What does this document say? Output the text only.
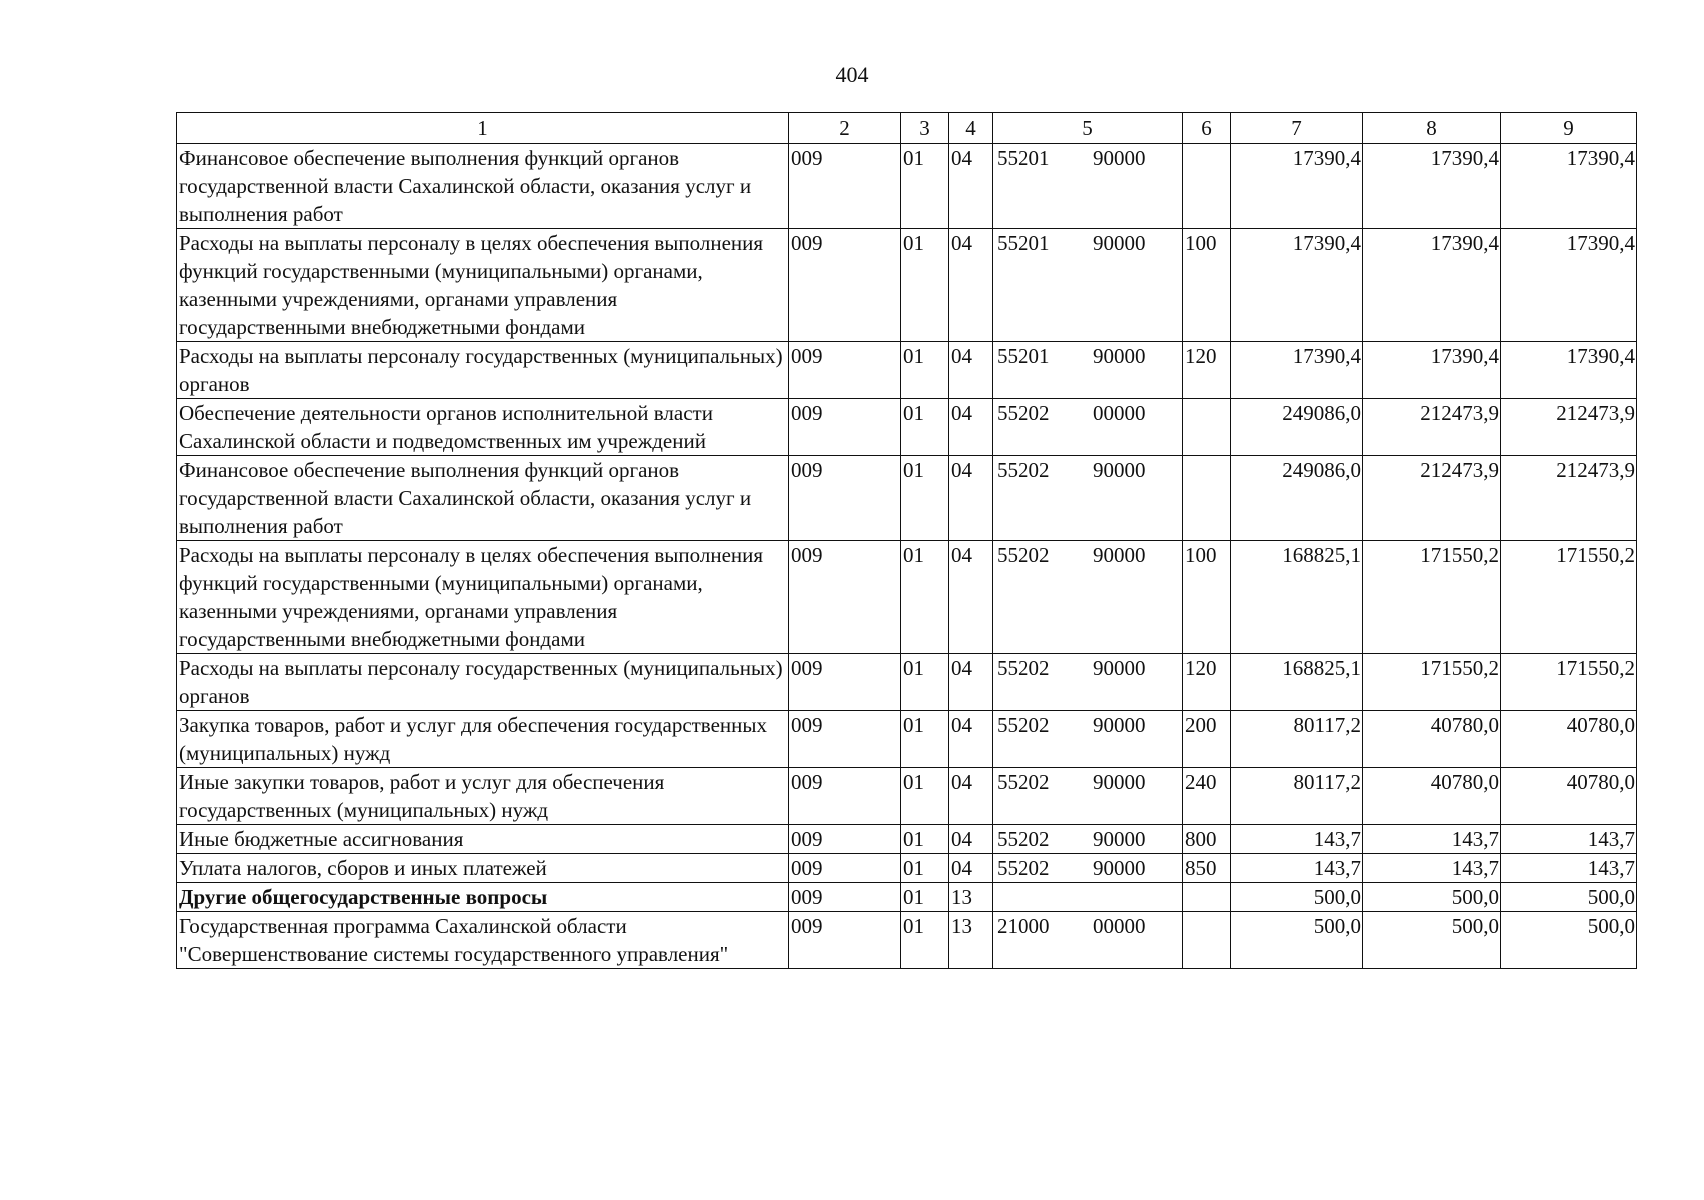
404
1	2	3	4	5	6	7	8	9
Финансовое обеспечение выполнения функций органов государственной власти Сахалинской области, оказания услуг и выполнения работ	009	01	04	55201 90000		17390,4	17390,4	17390,4
Расходы на выплаты персоналу в целях обеспечения выполнения функций государственными (муниципальными) органами, казенными учреждениями, органами управления государственными внебюджетными фондами	009	01	04	55201 90000	100	17390,4	17390,4	17390,4
Расходы на выплаты персоналу государственных (муниципальных) органов	009	01	04	55201 90000	120	17390,4	17390,4	17390,4
Обеспечение деятельности органов исполнительной власти Сахалинской области и подведомственных им учреждений	009	01	04	55202 00000		249086,0	212473,9	212473,9
Финансовое обеспечение выполнения функций органов государственной власти Сахалинской области, оказания услуг и выполнения работ	009	01	04	55202 90000		249086,0	212473,9	212473,9
Расходы на выплаты персоналу в целях обеспечения выполнения функций государственными (муниципальными) органами, казенными учреждениями, органами управления государственными внебюджетными фондами	009	01	04	55202 90000	100	168825,1	171550,2	171550,2
Расходы на выплаты персоналу государственных (муниципальных) органов	009	01	04	55202 90000	120	168825,1	171550,2	171550,2
Закупка товаров, работ и услуг для обеспечения государственных (муниципальных) нужд	009	01	04	55202 90000	200	80117,2	40780,0	40780,0
Иные закупки товаров, работ и услуг для обеспечения государственных (муниципальных) нужд	009	01	04	55202 90000	240	80117,2	40780,0	40780,0
Иные бюджетные ассигнования	009	01	04	55202 90000	800	143,7	143,7	143,7
Уплата налогов, сборов и иных платежей	009	01	04	55202 90000	850	143,7	143,7	143,7
Другие общегосударственные вопросы	009	01	13			500,0	500,0	500,0
Государственная программа Сахалинской области "Совершенствование системы государственного управления"	009	01	13	21000 00000		500,0	500,0	500,0
